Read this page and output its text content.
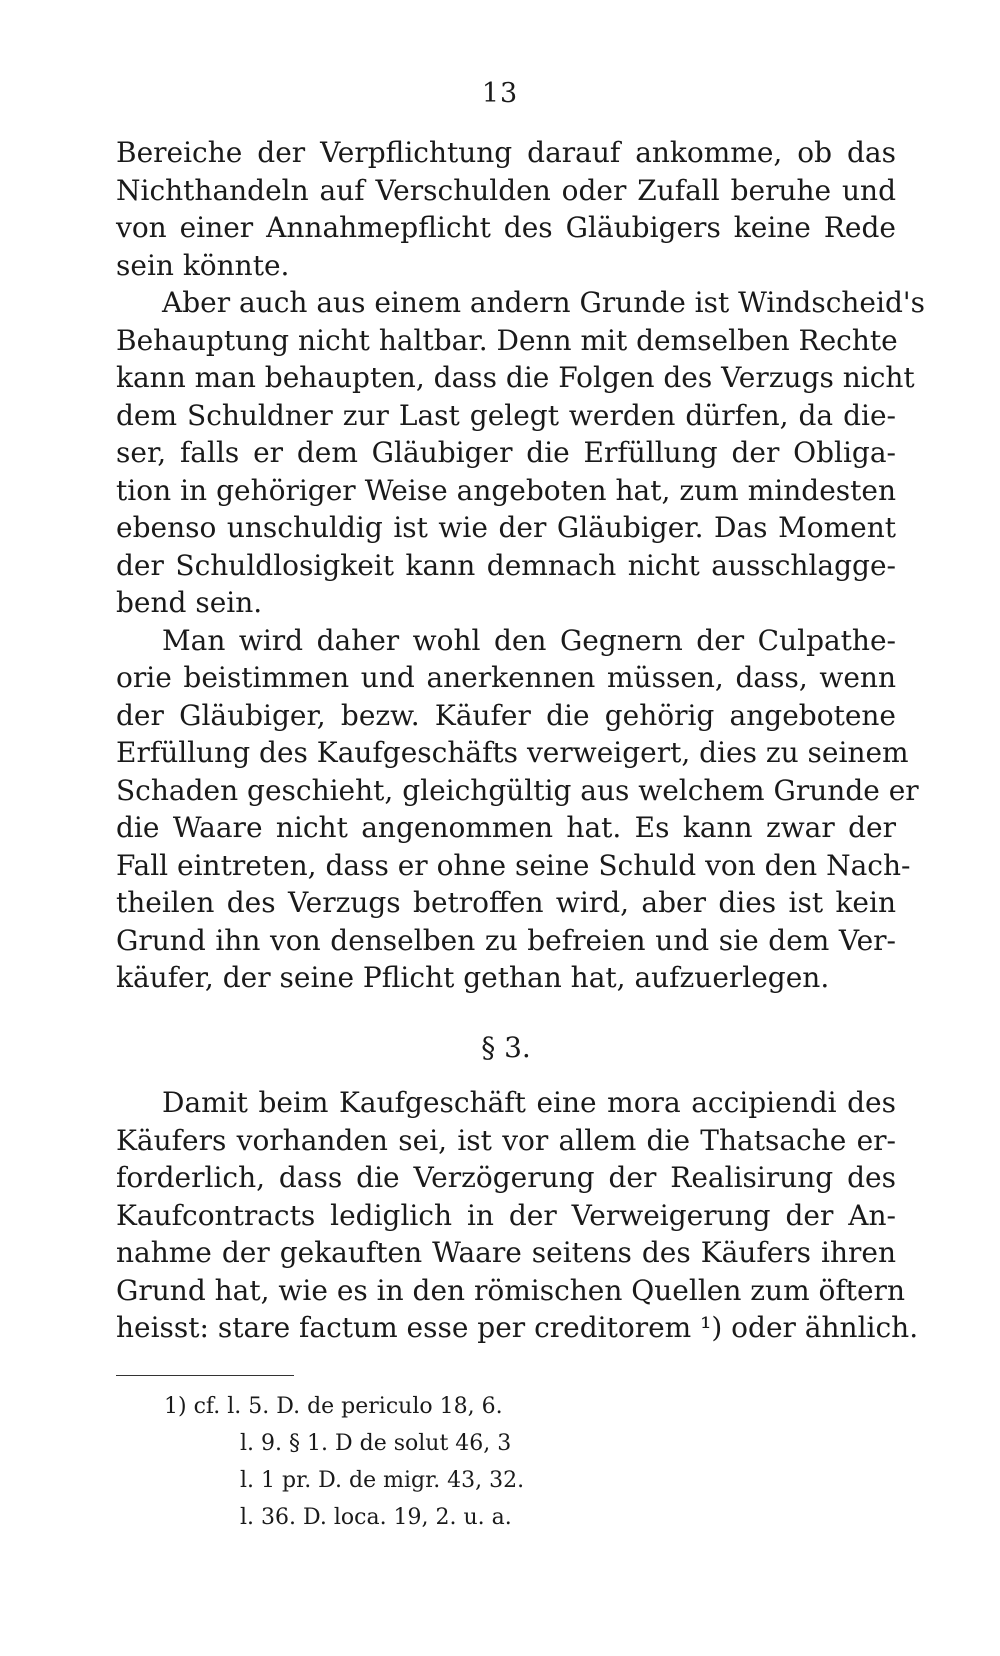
13
Bereiche der Verpflichtung darauf ankomme, ob das
Nichthandeln auf Verschulden oder Zufall beruhe und
von einer Annahmepflicht des Gläubigers keine Rede
sein könnte.
Aber auch aus einem andern Grunde ist Windscheid's
Behauptung nicht haltbar. Denn mit demselben Rechte
kann man behaupten, dass die Folgen des Verzugs nicht
dem Schuldner zur Last gelegt werden dürfen, da die-
ser, falls er dem Gläubiger die Erfüllung der Obliga-
tion in gehöriger Weise angeboten hat, zum mindesten
ebenso unschuldig ist wie der Gläubiger. Das Moment
der Schuldlosigkeit kann demnach nicht ausschlagge-
bend sein.
Man wird daher wohl den Gegnern der Culpathe-
orie beistimmen und anerkennen müssen, dass, wenn
der Gläubiger, bezw. Käufer die gehörig angebotene
Erfüllung des Kaufgeschäfts verweigert, dies zu seinem
Schaden geschieht, gleichgültig aus welchem Grunde er
die Waare nicht angenommen hat. Es kann zwar der
Fall eintreten, dass er ohne seine Schuld von den Nach-
theilen des Verzugs betroffen wird, aber dies ist kein
Grund ihn von denselben zu befreien und sie dem Ver-
käufer, der seine Pflicht gethan hat, aufzuerlegen.
§ 3.
Damit beim Kaufgeschäft eine mora accipiendi des
Käufers vorhanden sei, ist vor allem die Thatsache er-
forderlich, dass die Verzögerung der Realisirung des
Kaufcontracts lediglich in der Verweigerung der An-
nahme der gekauften Waare seitens des Käufers ihren
Grund hat, wie es in den römischen Quellen zum öftern
heisst: stare factum esse per creditorem ¹) oder ähnlich.
1) cf. l. 5. D. de periculo 18, 6.
l. 9. § 1. D de solut 46, 3
l. 1 pr. D. de migr. 43, 32.
l. 36. D. loca. 19, 2. u. a.
